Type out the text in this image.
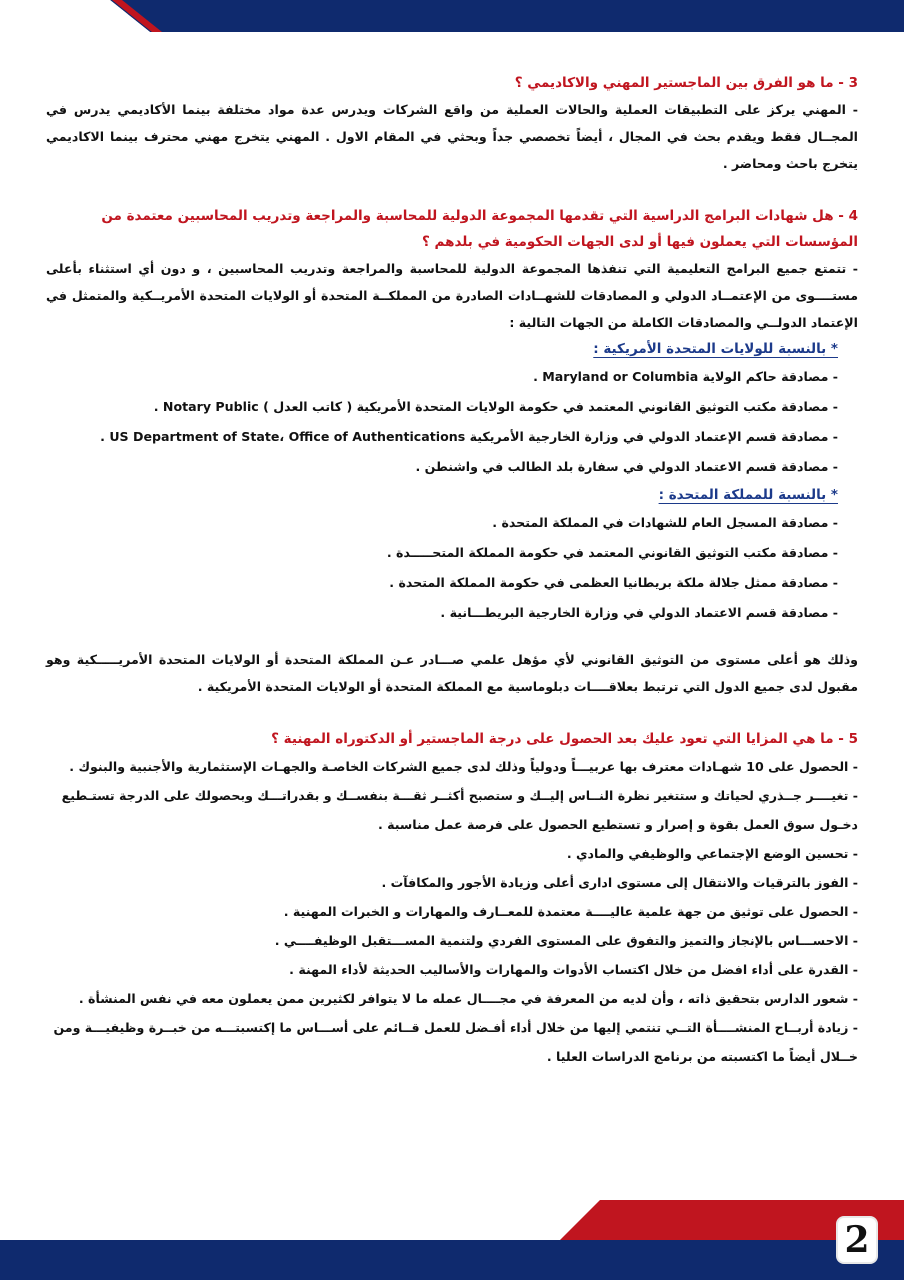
3 - ما هو الفرق بين الماجستير المهني والاكاديمي ؟

- المهني يركز على التطبيقات العملية والحالات العملية من واقع الشركات ويدرس عدة مواد مختلفة بينما الأكاديمي يدرس في المجــال فقط ويقدم بحث في المجال ، أيضاً تخصصي جداً وبحثي في المقام الاول . المهني يتخرج مهني محترف بينما الاكاديمي يتخرج باحث ومحاضر .

4 - هل شهادات البرامج الدراسية التي تقدمها المجموعة الدولية للمحاسبة والمراجعة وتدريب المحاسبين معتمدة من المؤسسات التي يعملون فيها أو لدى الجهات الحكومية في بلدهم ؟

- تتمتع جميع البرامج التعليمية التي تنفذها المجموعة الدولية للمحاسبة والمراجعة وتدريب المحاسبين ، و دون أي استثناء بأعلى مستــــوى من الإعتمــاد الدولي و المصادقات للشهــادات الصادرة من المملكــة المتحدة أو الولايات المتحدة الأمريــكية والمتمثل في الإعتماد الدولــي والمصادقات الكاملة من الجهات التالية :

* بالنسبة للولايات المتحدة الأمريكية :

- مصادقة حاكم الولاية Maryland or Columbia .
- مصادقة مكتب التوثيق القانوني المعتمد في حكومة الولايات المتحدة الأمريكية ( كاتب العدل ) Notary Public .
- مصادقة قسم الإعتماد الدولي في وزارة الخارجية الأمريكية US Department of State، Office of Authentications .
- مصادقة قسم الاعتماد الدولي في سفارة بلد الطالب في واشنطن .

* بالنسبة للمملكة المتحدة :

- مصادقة المسجل العام للشهادات في المملكة المتحدة .
- مصادقة مكتب التوثيق القانوني المعتمد في حكومة المملكة المتحـــــدة .
- مصادقة ممثل جلالة ملكة بريطانيا العظمى في حكومة المملكة المتحدة .
- مصادقة قسم الاعتماد الدولي في وزارة الخارجية البريطـــانية .

وذلك هو أعلى مستوى من التوثيق القانوني لأي مؤهل علمي صـــادر عـن المملكة المتحدة أو الولايات المتحدة الأمريـــــكية وهو مقبول لدى جميع الدول التي ترتبط بعلاقــــات دبلوماسية مع المملكة المتحدة أو الولايات المتحدة الأمريكية .

5 - ما هي المزايا التي تعود عليك بعد الحصول على درجة الماجستير أو الدكتوراه المهنية ؟

- الحصول على 10 شهـادات معترف بها عربيـــاً ودولياً وذلك لدى جميع الشركات الخاصـة والجهـات الإستثمارية والأجنبية والبنوك .
- تغيــــر جــذري لحياتك و ستتغير نظرة النــاس إليــك و ستصبح أكثــر ثقـــة بنفســك و بقدراتـــك وبحصولك على الدرجة تستـطيع دخـول سوق العمل بقوة و إصرار و تستطيع الحصول على فرصة عمل مناسبة .
- تحسين الوضع الإجتماعي والوظيفي والمادي .
- الفوز بالترقيات والانتقال إلى مستوى ادارى أعلى وزيادة الأجور والمكافآت .
- الحصول على توثيق من جهة علمية عاليــــة معتمدة للمعــارف والمهارات و الخبرات المهنية .
- الاحســـاس بالإنجاز والتميز والتفوق على المستوى الفردي ولتنمية المســـتقبل الوظيفــــي .
- القدرة على أداء افضل من خلال اكتساب الأدوات والمهارات والأساليب الحديثة لأداء المهنة .
- شعور الدارس بتحقيق ذاته ، وأن لديه من المعرفة في مجــــال عمله ما لا يتوافر لكثيرين ممن يعملون معه في نفس المنشأة .
- زيادة أربــاح المنشــــأة التــي تنتمي إليها من خلال أداء أفـضل للعمل قــائم على أســـاس ما إكتسبتـــه من خبــرة وظيفيـــة ومن خــلال أيضاً ما اكتسبته من برنامج الدراسات العليا .
2
